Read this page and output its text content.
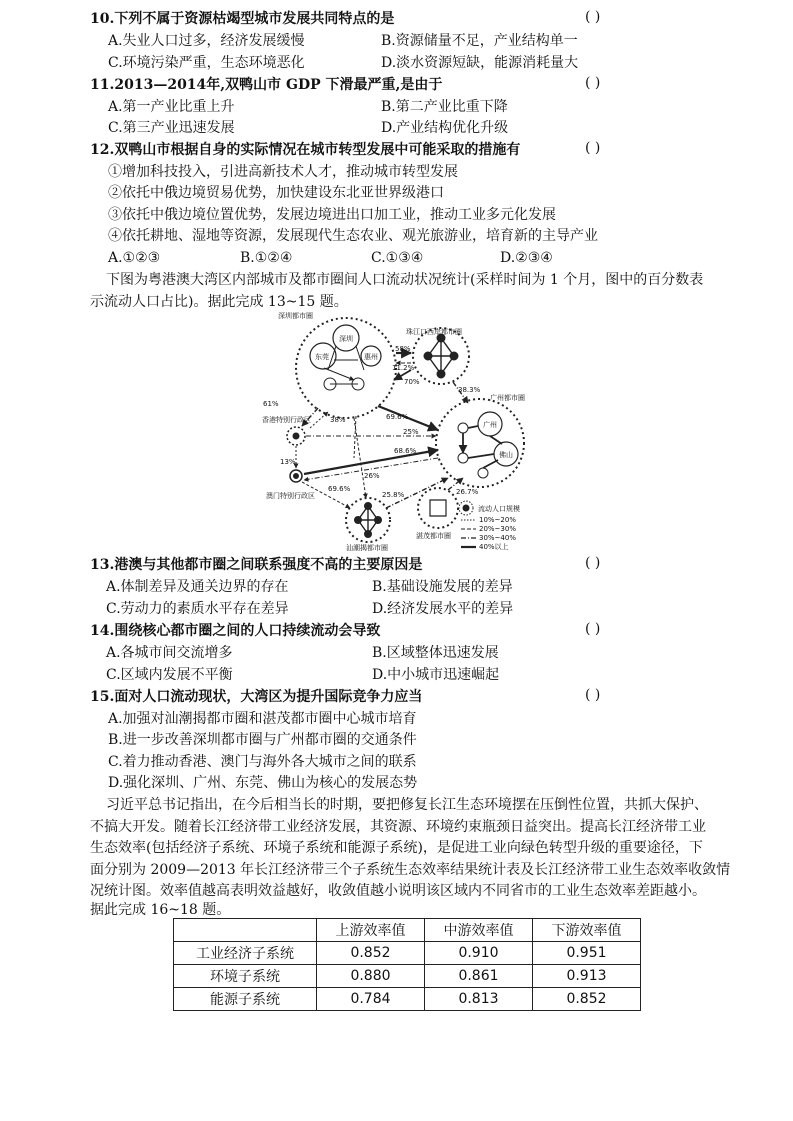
10.下列不属于资源枯竭型城市发展共同特点的是	( )
A.失业人口过多，经济发展缓慢	B.资源储量不足，产业结构单一
C.环境污染严重，生态环境恶化	D.淡水资源短缺，能源消耗量大
11.2013—2014年,双鸭山市 GDP 下滑最严重,是由于	( )
A.第一产业比重上升	B.第二产业比重下降
C.第三产业迅速发展	D.产业结构优化升级
12.双鸭山市根据自身的实际情况在城市转型发展中可能采取的措施有	( )
①增加科技投入，引进高新技术人才，推动城市转型发展
②依托中俄边境贸易优势，加快建设东北亚世界级港口
③依托中俄边境位置优势，发展边境进出口加工业，推动工业多元化发展
④依托耕地、湿地等资源，发展现代生态农业、观光旅游业，培育新的主导产业
A.①②③	B.①②④	C.①③④	D.②③④
下图为粤港澳大湾区内部城市及都市圈间人口流动状况统计(采样时间为 1 个月，图中的百分数表
示流动人口占比)。据此完成 13~15 题。
深圳都市圈
珠江口西岸都市圈
广州都市圈
香港特别行政区
澳门特别行政区
汕潮揭都市圈
湛茂都市圈
深圳
东莞	惠州
广州
佛山
58%
11.2%
70%
38.3%
61%
38%	69.6%
25%
68.6%
13%
26%
69.6%
25.8%	26.7%
流动人口规模
10%~20%
20%~30%
30%~40%
40%以上
13.港澳与其他都市圈之间联系强度不高的主要原因是	( )
A.体制差异及通关边界的存在	B.基础设施发展的差异
C.劳动力的素质水平存在差异	D.经济发展水平的差异
14.围绕核心都市圈之间的人口持续流动会导致	( )
A.各城市间交流增多	B.区域整体迅速发展
C.区域内发展不平衡	D.中小城市迅速崛起
15.面对人口流动现状，大湾区为提升国际竞争力应当	( )
A.加强对汕潮揭都市圈和湛茂都市圈中心城市培育
B.进一步改善深圳都市圈与广州都市圈的交通条件
C.着力推动香港、澳门与海外各大城市之间的联系
D.强化深圳、广州、东莞、佛山为核心的发展态势
习近平总书记指出，在今后相当长的时期，要把修复长江生态环境摆在压倒性位置，共抓大保护、
不搞大开发。随着长江经济带工业经济发展，其资源、环境约束瓶颈日益突出。提高长江经济带工业
生态效率(包括经济子系统、环境子系统和能源子系统)，是促进工业向绿色转型升级的重要途径，下
面分别为 2009—2013 年长江经济带三个子系统生态效率结果统计表及长江经济带工业生态效率收敛情
况统计图。效率值越高表明效益越好，收敛值越小说明该区域内不同省市的工业生态效率差距越小。
据此完成 16~18 题。
	上游效率值	中游效率值	下游效率值
工业经济子系统	0.852	0.910	0.951
环境子系统	0.880	0.861	0.913
能源子系统	0.784	0.813	0.852
